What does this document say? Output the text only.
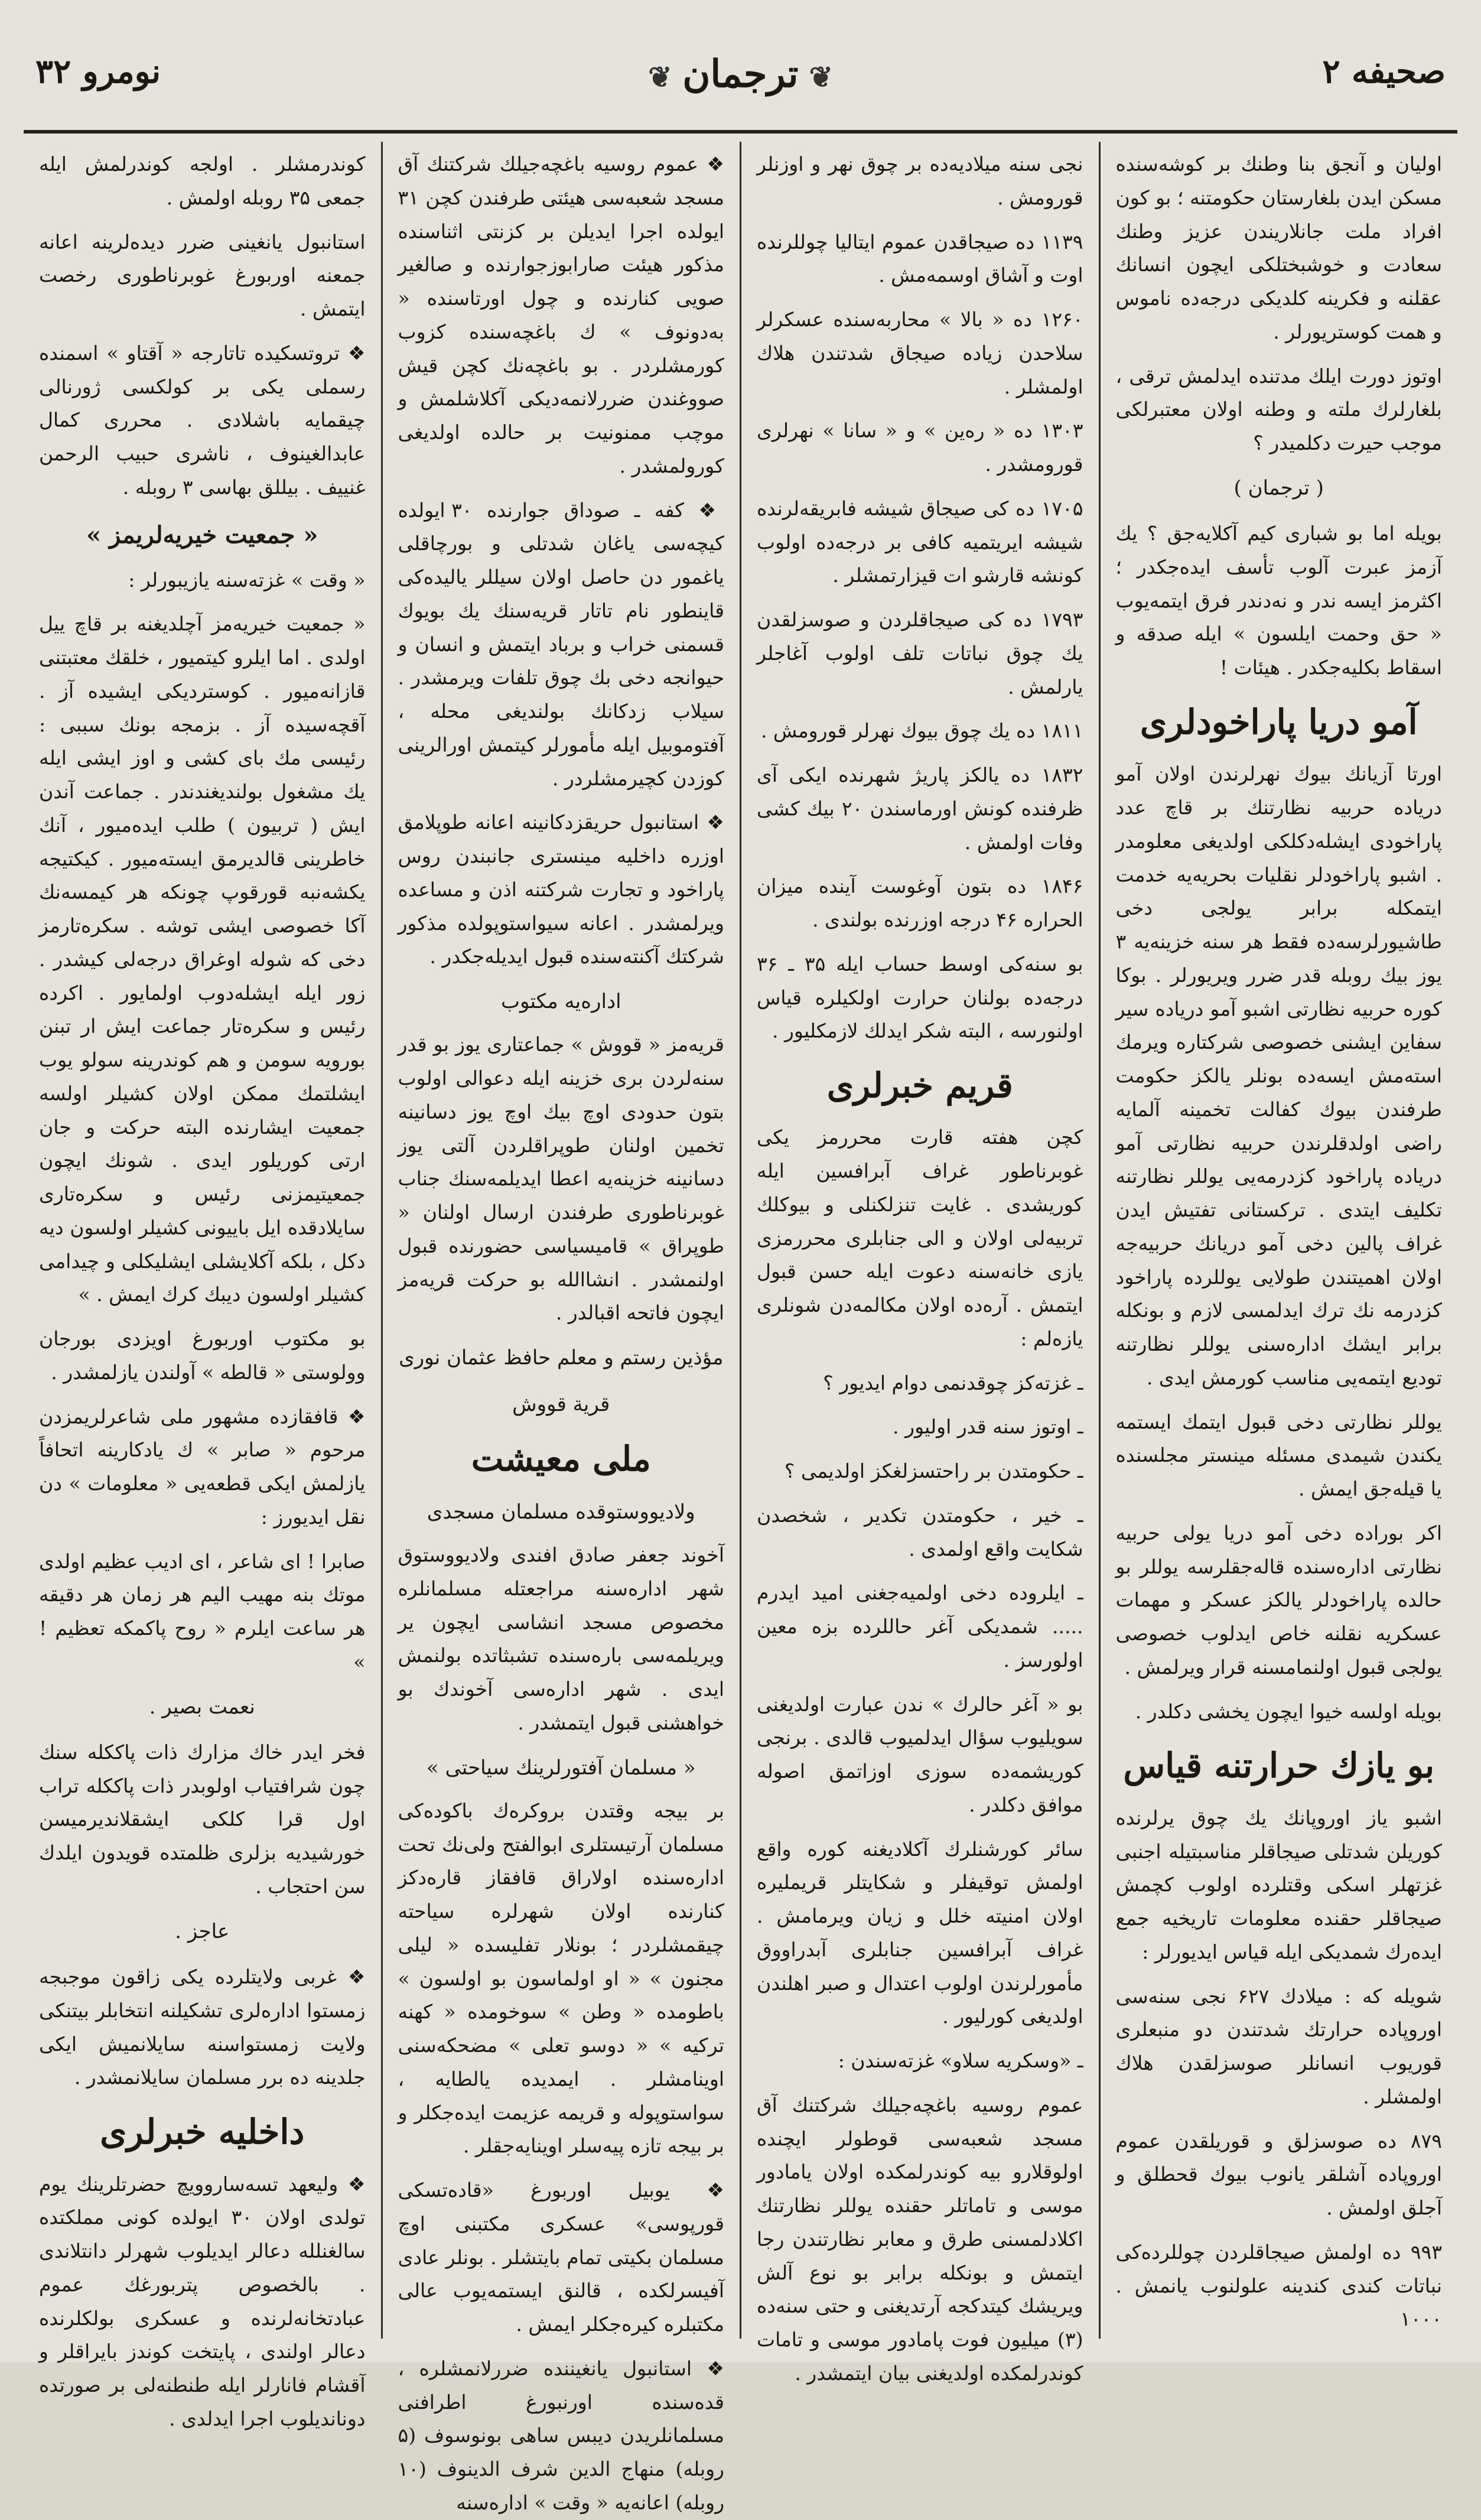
صحیفه ۲
❦ ترجمان ❦
نومرو ۳۲

اولیان و آنجق بنا وطنك بر کوشەسندە مسکن ایدن بلغارستان حکومتنه ؛ بو کون افراد ملت جانلاریندن عزیز وطنك سعادت و خوشبختلکی ایچون انسانك عقلنه و فکرینه کلدیکی درجەده ناموس و همت کوستریورلر .

اوتوز دورت ایلك مدتنده ایدلمش ترقی ، بلغارلرك ملته و وطنه اولان معتبرلکی موجب حیرت دکلمیدر ؟

( ترجمان )

بویله اما بو شباری کیم آکلایەجق ؟ یك آزمز عبرت آلوب تأسف ایدەجکدر ؛ اکثرمز ایسه ندر و نەدندر فرق ایتمەیوب « حق وحمت ایلسون » ایله صدقه و اسقاط بکلیەجکدر . هیئات !

آمو دریا پاراخودلری

اورتا آزیانك بیوك نهرلرندن اولان آمو دریادە حربیه نظارتنك بر قاچ عدد پاراخودی ایشلەدکلکی اولدیغی معلومدر . اشبو پاراخودلر نقلیات بحریه‌یه خدمت ایتمکله برابر یولجی دخی طاشیورلرسەده فقط هر سنه خزینه‌یه ۳ یوز بیك روبله قدر ضرر ویریورلر . بوکا کوره حربیه نظارتی اشبو آمو دریادە سیر سفاین ایشنی خصوصی شرکتاره ویرمك استەمش ایسەده بونلر یالکز حکومت طرفندن بیوك کفالت تخمینه آلمایه راضی اولدقلرندن حربیه نظارتی آمو دریاده پاراخود کزدرمەیی یوللر نظارتنه تکلیف ایتدی . ترکستانی تفتیش ایدن غراف پالین دخی آمو دریانك حربیەجه اولان اهمیتندن طولایی یوللرده پاراخود کزدرمه نك ترك ایدلمسی لازم و بونکله برابر ایشك ادارەسنی یوللر نظارتنه تودیع ایتمەیی مناسب کورمش ایدی .

یوللر نظارتی دخی قبول ایتمك ایستمه یکندن شیمدی مسئله مینستر مجلسنده یا قیلەجق ایمش .

اکر بورادە دخی آمو دریا یولی حربیه نظارتی ادارەسنده قالەجقلرسە یوللر بو حالده پاراخودلر یالکز عسکر و مهمات عسکریه نقلنه خاص ایدلوب خصوصی یولجی قبول اولنمامسنه قرار ویرلمش .

بویله اولسه خیوا ایچون یخشی دکلدر .

بو یازك حرارتنه قیاس

اشبو یاز اوروپانك یك چوق یرلرنده کوریلن شدتلی صیجاقلر مناسبتیله اجنبی غزتهلر اسکی وقتلرده اولوب کچمش صیجاقلر حقنده معلومات تاریخیه جمع ایدەرك شمدیکی ایله قیاس ایدیورلر :

شویله که : میلادك ۶۲۷ نجی سنه‌سی اوروپاده حرارتك شدتندن دو منبعلری قوریوب انسانلر صوسزلقدن هلاك اولمشلر .

۸۷۹ ده صوسزلق و قوریلقدن عموم اوروپاده آشلقر یانوب بیوك قحطلق و آجلق اولمش .

۹۹۳ ده اولمش صیجاقلردن چوللردەکی نباتات کندی کندینه علولنوب یانمش . ۱۰۰۰

نجی سنه میلادیەده بر چوق نهر و اوزنلر قورومش .

۱۱۳۹ ده صیجاقدن عموم ایتالیا چوللرنده اوت و آشاق اوسمەمش .

۱۲۶۰ ده « بالا » محاربه‌سنده عسکرلر سلاحدن زیاده صیجاق شدتندن هلاك اولمشلر .

۱۳۰۳ ده « رەین » و « سانا » نهرلری قورومشدر .

۱۷۰۵ ده کی صیجاق شیشه فابریقەلرنده شیشه ایریتمیه کافی بر درجەده اولوب کونشه قارشو ات قیزارتمشلر .

۱۷۹۳ ده کی صیجاقلردن و صوسزلقدن یك چوق نباتات تلف اولوب آغاجلر یارلمش .

۱۸۱۱ ده یك چوق بیوك نهرلر قورومش .

۱۸۳۲ ده یالکز پاریژ شهرنده ایکی آی ظرفنده کونش اورماسندن ۲۰ بیك کشی وفات اولمش .

۱۸۴۶ ده بتون آوغوست آینده میزان الحراره ۴۶ درجه اوزرنده بولندی .

بو سنه‌کی اوسط حساب ایله ۳۵ ـ ۳۶ درجەده بولنان حرارت اولکیلره قیاس اولنورسه ، البته شکر ایدلك لازمکلیور .

قریم خبرلری

کچن هفته قارت محررمز یکی غوبرناطور غراف آبرافسین ایله کوریشدی . غایت تنزلکنلی و بیوکلك تربیه‌لی اولان و الی جنابلری محررمزی یازی خانه‌سنه دعوت ایله حسن قبول ایتمش . آرەده اولان مکالمەدن شونلری یازەلم :

ـ غزتەکز چوقدنمی دوام ایدیور ؟

ـ اوتوز سنه قدر اولیور .

ـ حکومتدن بر راحتسزلغکز اولدیمی ؟

ـ خیر ، حکومتدن تکدیر ، شخصدن شکایت واقع اولمدی .

ـ ایلروده دخی اولمیەجغنی امید ایدرم ..... شمدیکی آغر حاللرده بزه معین اولورسز .

بو « آغر حالرك » ندن عبارت اولدیغنی سویلیوب سؤال ایدلمیوب قالدی . برنجی کوریشمەده سوزی اوزاتمق اصوله موافق دکلدر .

سائر کورشنلرك آکلادیغنه کوره واقع اولمش توقیفلر و شکایتلر قریملیره اولان امنیته خلل و زیان ویرمامش . غراف آبرافسین جنابلری آبدراووق مأمورلرندن اولوب اعتدال و صبر اهلندن اولدیغی کورلیور .

ـ «وسکریه سلاو» غزتەسندن :

عموم روسیه باغچەجیلك شرکتنك آق مسجد شعبه‌سی قوطولر ایچنده اولوقلارو بیه کوندرلمکده اولان یامادور موسی و تاماتلر حقنده یوللر نظارتنك اکلادلمسنی طرق و معابر نظارتندن رجا ایتمش و بونکله برابر بو نوع آلش ویریشك کیتدکجه آرتدیغنی و حتی سنه‌ده (۳) میلیون فوت پامادور موسی و تامات کوندرلمکده اولدیغنی بیان ایتمشدر .

❖ عموم روسیه باغچەجیلك شرکتنك آق مسجد شعبه‌سی هیئتی طرفندن کچن ۳۱ ایولده اجرا ایدیلن بر کزنتی اثناسنده مذکور هیئت صارابوزجوارنده و صالغیر صویی کنارنده و چول اورتاسنده « بەدونوف » ك باغچەسندە کزوب کورمشلردر . بو باغچه‌نك کچن قیش صووغندن ضررلانمەدیکی آکلاشلمش و موچب ممنونیت بر حالده اولدیغی کورولمشدر .

❖ کفه ـ صوداق جوارنده ۳۰ ایولده کیچه‌سی یاغان شدتلی و بورچاقلی یاغمور دن حاصل اولان سیللر یالیدەکی قاینطور نام تاتار قریه‌سنك یك بویوك قسمنی خراب و برباد ایتمش و انسان و حیوانجه دخی بك چوق تلفات ویرمشدر . سیلاب زدکانك بولندیغی محله ، آفتوموبیل ایله مأمورلر کیتمش اورالرینی کوزدن کچیرمشلردر .

❖ استانبول حریقزدکانینه اعانه طوپلامق اوزره داخلیه مینستری جانبندن روس پاراخود و تجارت شرکتنه اذن و مساعده ویرلمشدر . اعانه سیواستوپولده مذکور شرکتك آکنتەسنده قبول ایدیلەجکدر .

ادارەیه مکتوب

قریەمز « قووش » جماعتاری یوز بو قدر سنه‌لردن بری خزینه ایله دعوالی اولوب بتون حدودی اوچ بیك اوچ یوز دسانینه تخمین اولنان طوپراقلردن آلتی یوز دسانینه خزینه‌یه اعطا ایدیلمەسنك جناب غوبرناطوری طرفندن ارسال اولنان « طوپراق » قامیسیاسی حضورنده قبول اولنمشدر . انشاالله بو حرکت قریەمز ایچون فاتحه اقبالدر .

مؤذین رستم و معلم حافظ عثمان نوری
قریة قووش
ملی معیشت
ولادیووستوقده مسلمان مسجدی

آخوند جعفر صادق افندی ولادیووستوق شهر ادارەسنه مراجعتله مسلمانلره مخصوص مسجد انشاسی ایچون یر ویریلمەسی بارەسنده تشبثاتده بولنمش ایدی . شهر ادارەسی آخوندك بو خواهشنی قبول ایتمشدر .

« مسلمان آفتورلرینك سیاحتی »

بر بیجه وقتدن بروکرەك باکودەکی مسلمان آرتیستلری ابوالفتح ولی‌نك تحت ادارەسنده اولاراق قافقاز قارەدکز کنارنده اولان شهرلره سیاحته چیقمشلردر ؛ بونلار تفلیسده « لیلی مجنون » « او اولماسون بو اولسون » باطومده « وطن » سوخومده « کهنه ترکیه » « دوسو تعلی » مضحکەسنی اوینامشلر . ایمدیده یالطایه ، سواستوپوله و قریمه عزیمت ایدەجکلر و بر بیجه تازه پیەسلر اوینایەجقلر .

❖ یوبیل اوربورغ «قادەتسکی قورپوسی» عسکری مکتبنی اوچ مسلمان بکیتی تمام بایتشلر . بونلر عادی آفیسرلکده ، قالنق ایستمەیوب عالی مکتبلره کیرەجکلر ایمش .

❖ استانبول یانغیننده ضررلانمشلره ، قده‌سنده اورنبورغ اطرافنی مسلمانلریدن دیبس ساهی بونوسوف (۵ روبله) منهاج الدین شرف الدینوف (۱۰ روبله) اعانەیه « وقت » ادارەسنه

کوندرمشلر . اولجه کوندرلمش ایله جمعی ۳۵ روبله اولمش .

استانبول یانغینی ضرر دیدەلرینه اعانه جمعنه اوربورغ غوبرناطوری رخصت ایتمش .

❖ تروتسکیده تاتارجه « آقتاو » اسمنده رسملی یکی بر کولکسی ژورنالی چیقمایه باشلادی . محرری کمال عابدالغینوف ، ناشری حبیب الرحمن غنییف . بیللق بهاسی ۳ روبله .

« جمعیت خیریەلریمز »

« وقت » غزتەسنه یازیبورلر :

« جمعیت خیریەمز آچلدیغنه بر قاچ ییل اولدی . اما ایلرو کیتمیور ، خلقك معتبتنی قازانەمیور . کوستردیکی ایشیده آز . آقچه‌سیده آز . بزمجه بونك سببی : رئیسی مك بای کشی و اوز ایشی ایله یك مشغول بولندیغندندر . جماعت آندن ایش ( تربیون ) طلب ایدەمیور ، آنك خاطرینی قالدیرمق ایستەمیور . کیکتیجه یکشەنبه قورقوپ چونکه هر کیمسەنك آکا خصوصی ایشی توشه . سکرەتارمز دخی که شوله اوغراق درجه‌لی کیشدر . زور ایله ایشلەدوب اولمایور . اکرده رئیس و سکرەتار جماعت ایش ار تبنن بورویه سومن و هم کوندرینه سولو یوب ایشلتمك ممکن اولان کشیلر اولسه جمعیت ایشارنده البته حرکت و جان ارتی کوریلور ایدی . شونك ایچون جمعیتیمزنی رئیس و سکرەتاری سایلادقده ایل باییونی کشیلر اولسون دیه دکل ، بلکه آکلایشلی ایشلیکلی و چیدامی کشیلر اولسون دیبك کرك ایمش . »

بو مکتوب اوربورغ اویزدی بورجان وولوستی « قالطه » آولندن یازلمشدر .

❖ قافقازده مشهور ملی شاعرلریمزدن مرحوم « صابر » ك یادکارینه اتحافاً یازلمش ایکی قطعه‌یی « معلومات » دن نقل ایدیورز :

صابرا ! ای شاعر ، ای ادیب عظیم اولدی موتك بنه مهیب الیم هر زمان هر دقیقه هر ساعت ایلرم « روح پاکمکه تعظیم ! »

نعمت بصیر .

فخر ایدر خاك مزارك ذات پاککله سنك چون شرافتیاب اولوبدر ذات پاککله تراب اول قرا کلکی ایشقلاندیرمیسن خورشیدیه بزلری ظلمتده قویدون ایلدك سن احتجاب .

عاجز .

❖ غربی ولایتلرده یکی زاقون موجبجه زمستوا ادارەلری تشکیلنه انتخابلر بیتنکی ولایت زمستواسنه سایلانمیش ایکی جلدینه ده برر مسلمان سایلانمشدر .

داخلیه خبرلری

❖ ولیعهد تسەساروویچ حضرتلرینك یوم تولدی اولان ۳۰ ایولده کونی مملکتده سالغنلله دعالر ایدیلوب شهرلر دانتلاندی . بالخصوص پتربورغك عموم عبادتخانەلرنده و عسکری بولکلرنده دعالر اولندی ، پایتخت کوندز بایراقلر و آقشام فانارلر ایله طنطنه‌لی بر صورتده دوناندیلوب اجرا ایدلدی .
